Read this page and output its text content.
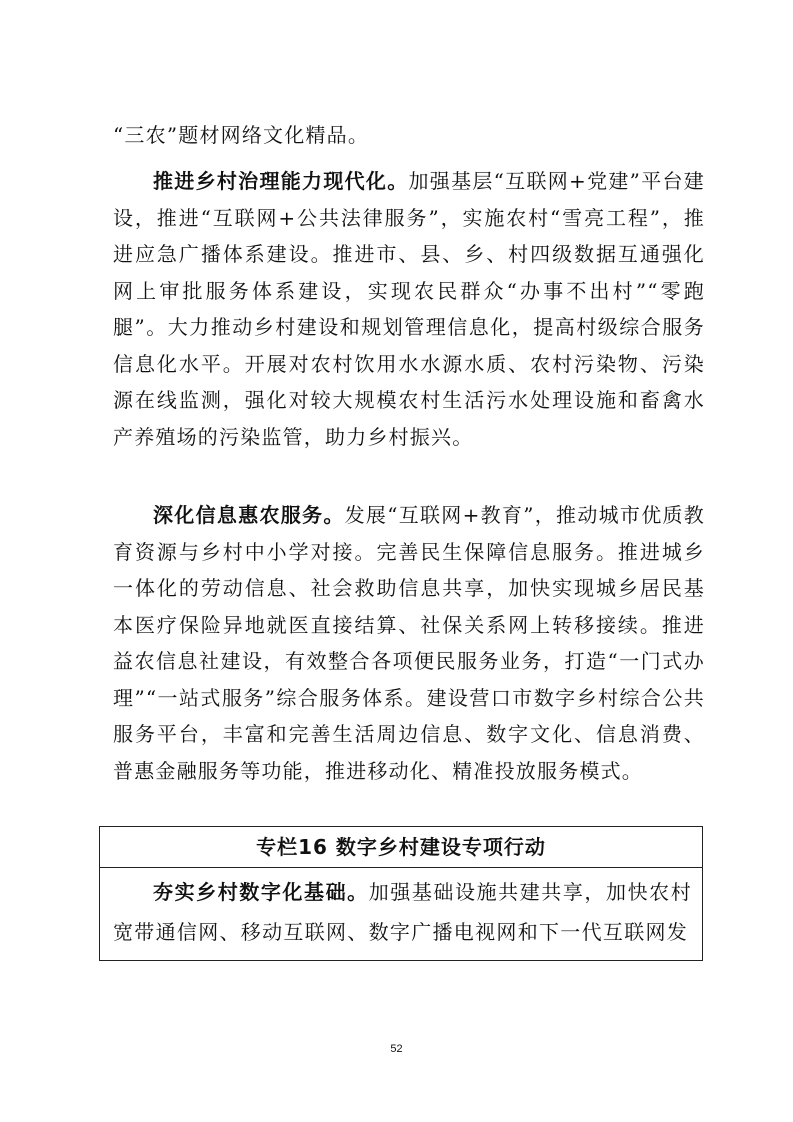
“三农”题材网络文化精品。

推进乡村治理能力现代化。加强基层“互联网+党建”平台建设，推进“互联网+公共法律服务”，实施农村“雪亮工程”，推进应急广播体系建设。推进市、县、乡、村四级数据互通强化网上审批服务体系建设，实现农民群众“办事不出村”“零跑腿”。大力推动乡村建设和规划管理信息化，提高村级综合服务信息化水平。开展对农村饮用水水源水质、农村污染物、污染源在线监测，强化对较大规模农村生活污水处理设施和畜禽水产养殖场的污染监管，助力乡村振兴。

深化信息惠农服务。发展“互联网+教育”，推动城市优质教育资源与乡村中小学对接。完善民生保障信息服务。推进城乡一体化的劳动信息、社会救助信息共享，加快实现城乡居民基本医疗保险异地就医直接结算、社保关系网上转移接续。推进益农信息社建设，有效整合各项便民服务业务，打造“一门式办理”“一站式服务”综合服务体系。建设营口市数字乡村综合公共服务平台，丰富和完善生活周边信息、数字文化、信息消费、普惠金融服务等功能，推进移动化、精准投放服务模式。

专栏16 数字乡村建设专项行动
夯实乡村数字化基础。加强基础设施共建共享，加快农村宽带通信网、移动互联网、数字广播电视网和下一代互联网发
52
